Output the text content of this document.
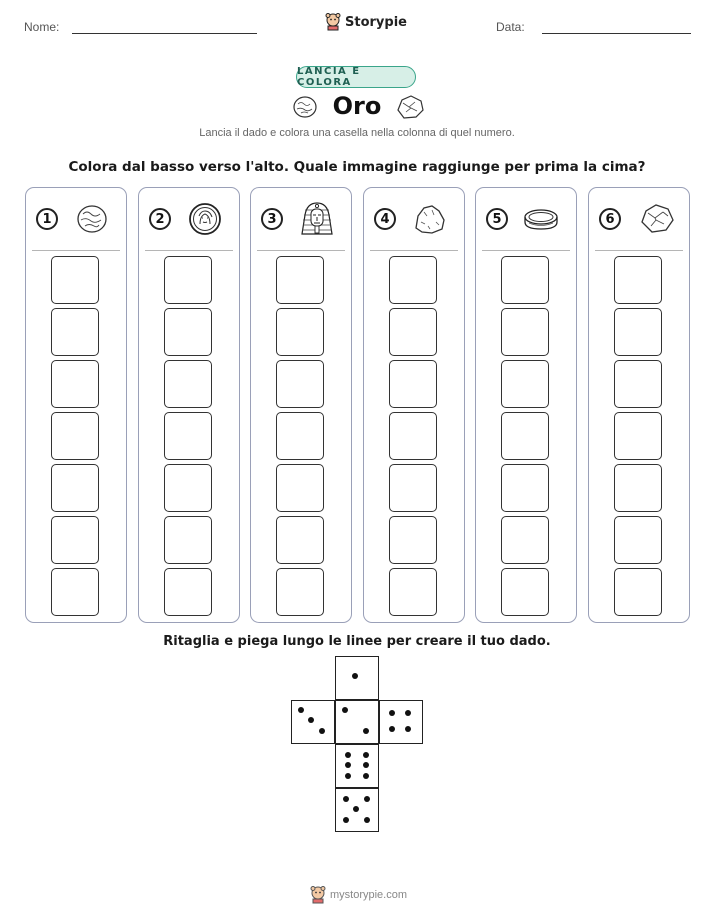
Nome:	Storypie	Data:
LANCIA E COLORA
Oro
Lancia il dado e colora una casella nella colonna di quel numero.
Colora dal basso verso l'alto. Quale immagine raggiunge per prima la cima?
1	2	3	4	5	6
Ritaglia e piega lungo le linee per creare il tuo dado.
mystorypie.com
